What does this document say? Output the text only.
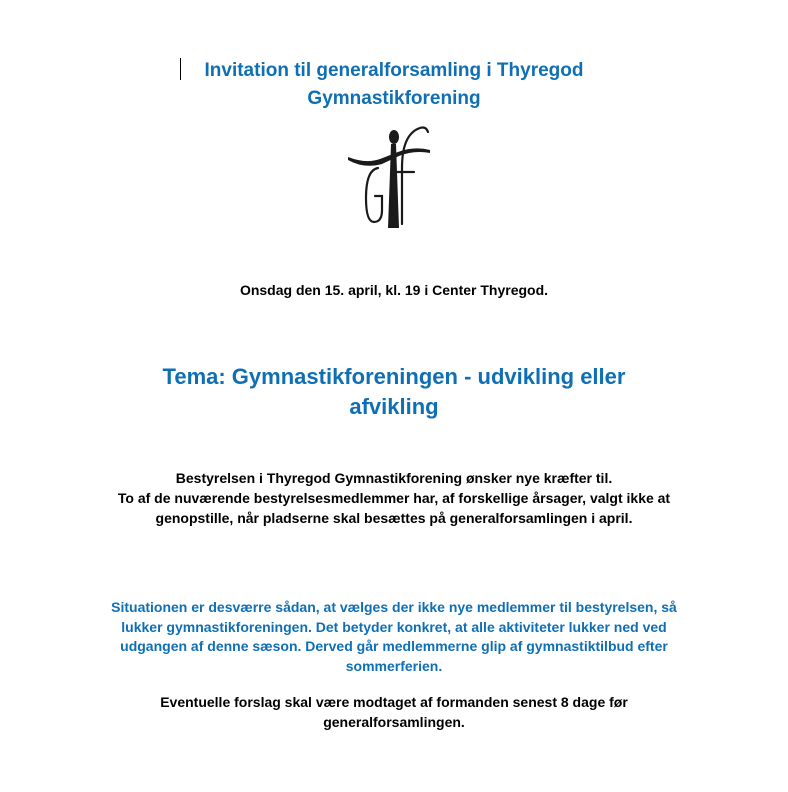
Invitation til generalforsamling i Thyregod
Gymnastikforening

Onsdag den 15. april, kl. 19 i Center Thyregod.

Tema: Gymnastikforeningen - udvikling eller
afvikling
Bestyrelsen i Thyregod Gymnastikforening ønsker nye kræfter til.
To af de nuværende bestyrelsesmedlemmer har, af forskellige årsager, valgt ikke at
genopstille, når pladserne skal besættes på generalforsamlingen i april.
Situationen er desværre sådan, at vælges der ikke nye medlemmer til bestyrelsen, så
lukker gymnastikforeningen. Det betyder konkret, at alle aktiviteter lukker ned ved
udgangen af denne sæson. Derved går medlemmerne glip af gymnastiktilbud efter
sommerferien.
Eventuelle forslag skal være modtaget af formanden senest 8 dage før
generalforsamlingen.
